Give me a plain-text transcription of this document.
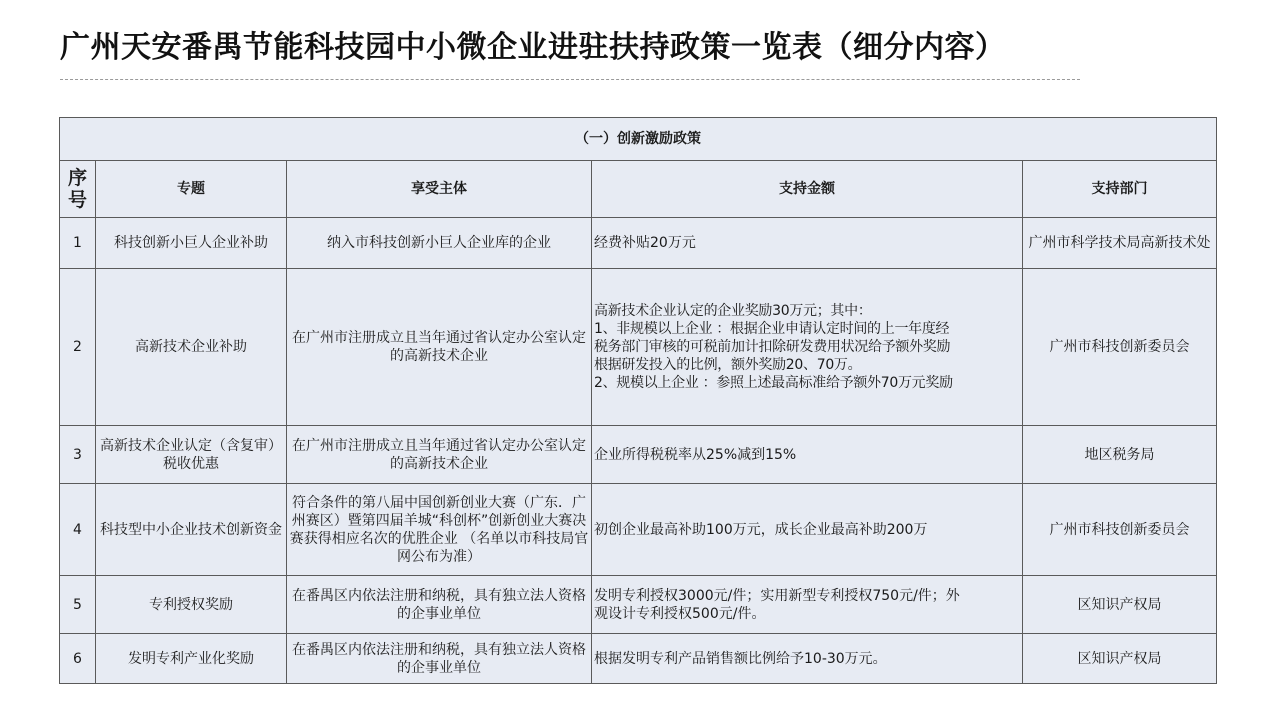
广州天安番禺节能科技园中小微企业进驻扶持政策一览表（细分内容）
（一）创新激励政策				
序号	专题	享受主体	支持金额	支持部门
1	科技创新小巨人企业补助	纳入市科技创新小巨人企业库的企业	经费补贴20万元	广州市科学技术局高新技术处
2	高新技术企业补助	在广州市注册成立且当年通过省认定办公室认定的高新技术企业	高新技术企业认定的企业奖励30万元；其中：
1、非规模以上企业 ：根据企业申请认定时间的上一年度经
税务部门审核的可税前加计扣除研发费用状况给予额外奖励
根据研发投入的比例，额外奖励20、70万。
2、规模以上企业 ：参照上述最高标准给予额外70万元奖励	广州市科技创新委员会
3	高新技术企业认定（含复审）税收优惠	在广州市注册成立且当年通过省认定办公室认定的高新技术企业	企业所得税税率从25%减到15%	地区税务局
4	科技型中小企业技术创新资金	符合条件的第八届中国创新创业大赛（广东．广州赛区）暨第四届羊城“科创杯”创新创业大赛决赛获得相应名次的优胜企业 （名单以市科技局官网公布为准）	初创企业最高补助100万元，成长企业最高补助200万	广州市科技创新委员会
5	专利授权奖励	在番禺区内依法注册和纳税，具有独立法人资格的企事业单位	发明专利授权3000元/件；实用新型专利授权750元/件；外
观设计专利授权500元/件。	区知识产权局
6	发明专利产业化奖励	在番禺区内依法注册和纳税，具有独立法人资格的企事业单位	根据发明专利产品销售额比例给予10-30万元。	区知识产权局
